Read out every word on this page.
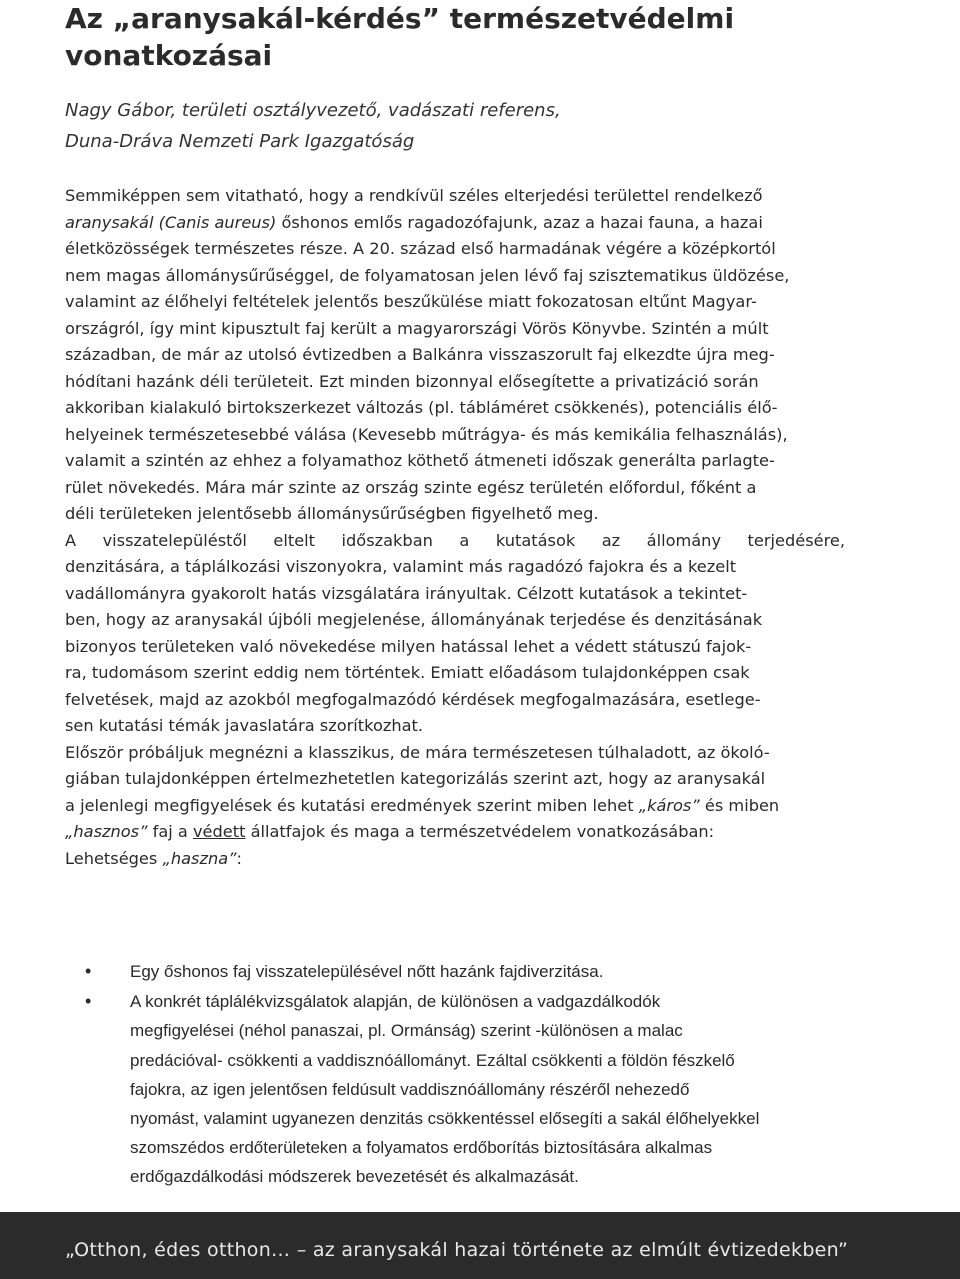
Az „aranysakál-kérdés” természetvédelmi
vonatkozásai
Nagy Gábor, területi osztályvezető, vadászati referens,
Duna-Dráva Nemzeti Park Igazgatóság
Semmiképpen sem vitatható, hogy a rendkívül széles elterjedési területtel rendelkező
aranysakál (Canis aureus) őshonos emlős ragadozófajunk, azaz a hazai fauna, a hazai
életközösségek természetes része. A 20. század első harmadának végére a középkortól
nem magas állománysűrűséggel, de folyamatosan jelen lévő faj szisztematikus üldözése,
valamint az élőhelyi feltételek jelentős beszűkülése miatt fokozatosan eltűnt Magyar-
országról, így mint kipusztult faj került a magyarországi Vörös Könyvbe. Szintén a múlt
században, de már az utolsó évtizedben a Balkánra visszaszorult faj elkezdte újra meg-
hódítani hazánk déli területeit. Ezt minden bizonnyal elősegítette a privatizáció során
akkoriban kialakuló birtokszerkezet változás (pl. tábláméret csökkenés), potenciális élő-
helyeinek természetesebbé válása (Kevesebb műtrágya- és más kemikália felhasználás),
valamit a szintén az ehhez a folyamathoz köthető átmeneti időszak generálta parlagte-
rület növekedés. Mára már szinte az ország szinte egész területén előfordul, főként a
déli területeken jelentősebb állománysűrűségben figyelhető meg.
A visszatelepüléstől eltelt időszakban a kutatások az állomány terjedésére,
denzitására, a táplálkozási viszonyokra, valamint más ragadózó fajokra és a kezelt
vadállományra gyakorolt hatás vizsgálatára irányultak. Célzott kutatások a tekintet-
ben, hogy az aranysakál újbóli megjelenése, állományának terjedése és denzitásának
bizonyos területeken való növekedése milyen hatással lehet a védett státuszú fajok-
ra, tudomásom szerint eddig nem történtek. Emiatt előadásom tulajdonképpen csak
felvetések, majd az azokból megfogalmazódó kérdések megfogalmazására, esetlege-
sen kutatási témák javaslatára szorítkozhat.
Először próbáljuk megnézni a klasszikus, de mára természetesen túlhaladott, az ökoló-
giában tulajdonképpen értelmezhetetlen kategorizálás szerint azt, hogy az aranysakál
a jelenlegi megfigyelések és kutatási eredmények szerint miben lehet „káros” és miben
„hasznos” faj a védett állatfajok és maga a természetvédelem vonatkozásában:
Lehetséges „haszna”:
•	Egy őshonos faj visszatelepülésével nőtt hazánk fajdiverzitása.
•	A konkrét táplálékvizsgálatok alapján, de különösen a vadgazdálkodók
megfigyelései (néhol panaszai, pl. Ormánság) szerint -különösen a malac
predációval- csökkenti a vaddisznóállományt. Ezáltal csökkenti a földön fészkelő
fajokra, az igen jelentősen feldúsult vaddisznóállomány részéről nehezedő
nyomást, valamint ugyanezen denzitás csökkentéssel elősegíti a sakál élőhelyekkel
szomszédos erdőterületeken a folyamatos erdőborítás biztosítására alkalmas
erdőgazdálkodási módszerek bevezetését és alkalmazását.
„Otthon, édes otthon… – az aranysakál hazai története az elmúlt évtizedekben”
